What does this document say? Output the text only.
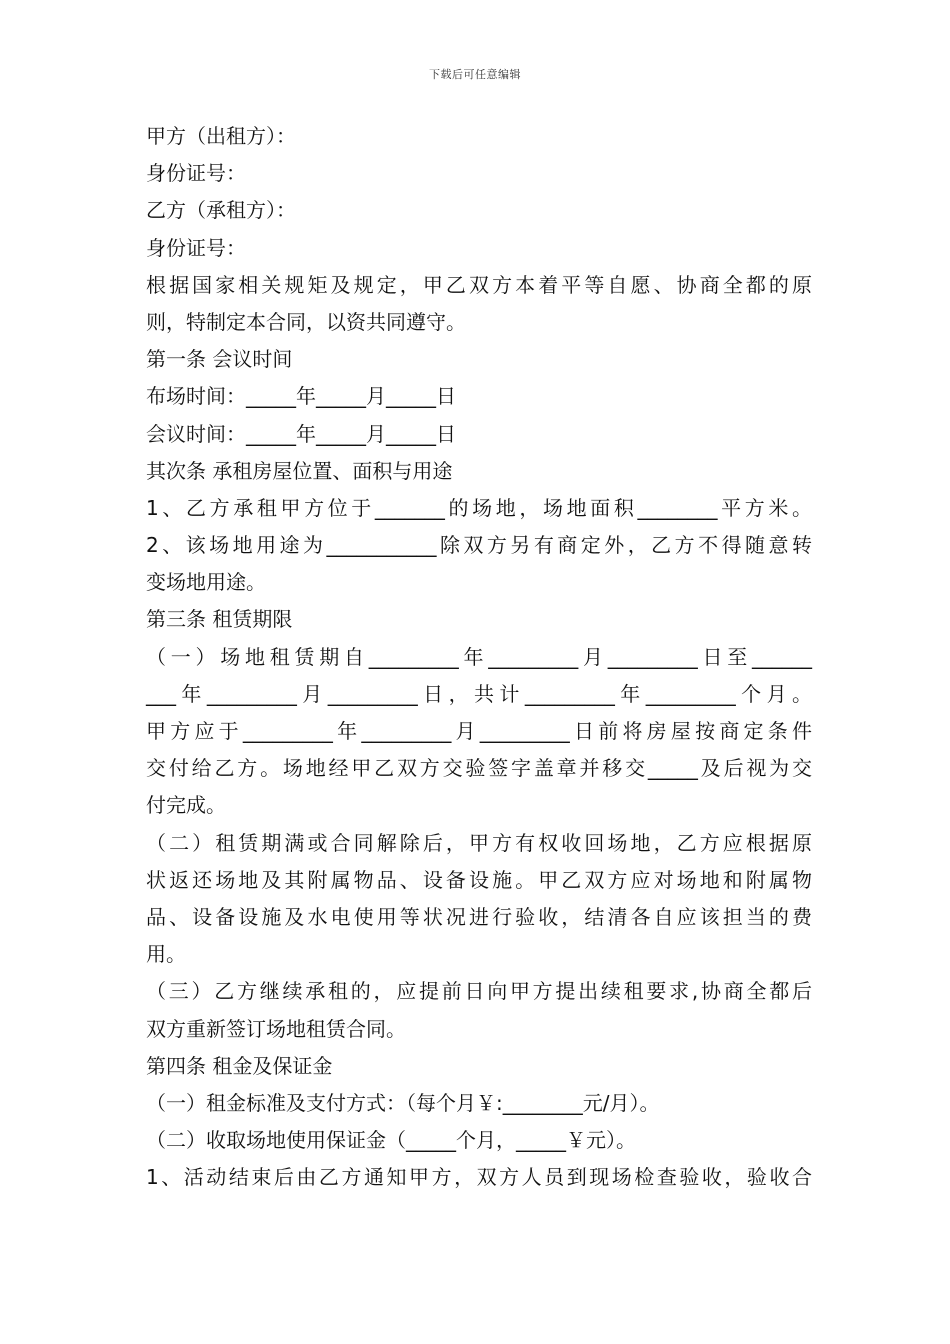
下载后可任意编辑
甲方（出租方）：
身份证号：
乙方（承租方）：
身份证号：
根据国家相关规矩及规定，甲乙双方本着平等自愿、协商全都的原
则，特制定本合同，以资共同遵守。
第一条 会议时间
布场时间：_____年_____月_____日
会议时间：_____年_____月_____日
其次条 承租房屋位置、面积与用途
1、乙方承租甲方位于_______的场地，场地面积________平方米。
2、该场地用途为___________除双方另有商定外，乙方不得随意转
变场地用途。
第三条 租赁期限
（一）场地租赁期自_________年_________月_________日至______
___年_________月_________日，共计_________年_________个月。
甲方应于_________年_________月_________日前将房屋按商定条件
交付给乙方。场地经甲乙双方交验签字盖章并移交_____及后视为交
付完成。
（二）租赁期满或合同解除后，甲方有权收回场地，乙方应根据原
状返还场地及其附属物品、设备设施。甲乙双方应对场地和附属物
品、设备设施及水电使用等状况进行验收，结清各自应该担当的费
用。
（三）乙方继续承租的，应提前日向甲方提出续租要求,协商全都后
双方重新签订场地租赁合同。
第四条 租金及保证金
（一）租金标准及支付方式：（每个月￥:________元/月）。
（二）收取场地使用保证金（_____个月，_____￥元）。
1、活动结束后由乙方通知甲方，双方人员到现场检查验收，验收合
